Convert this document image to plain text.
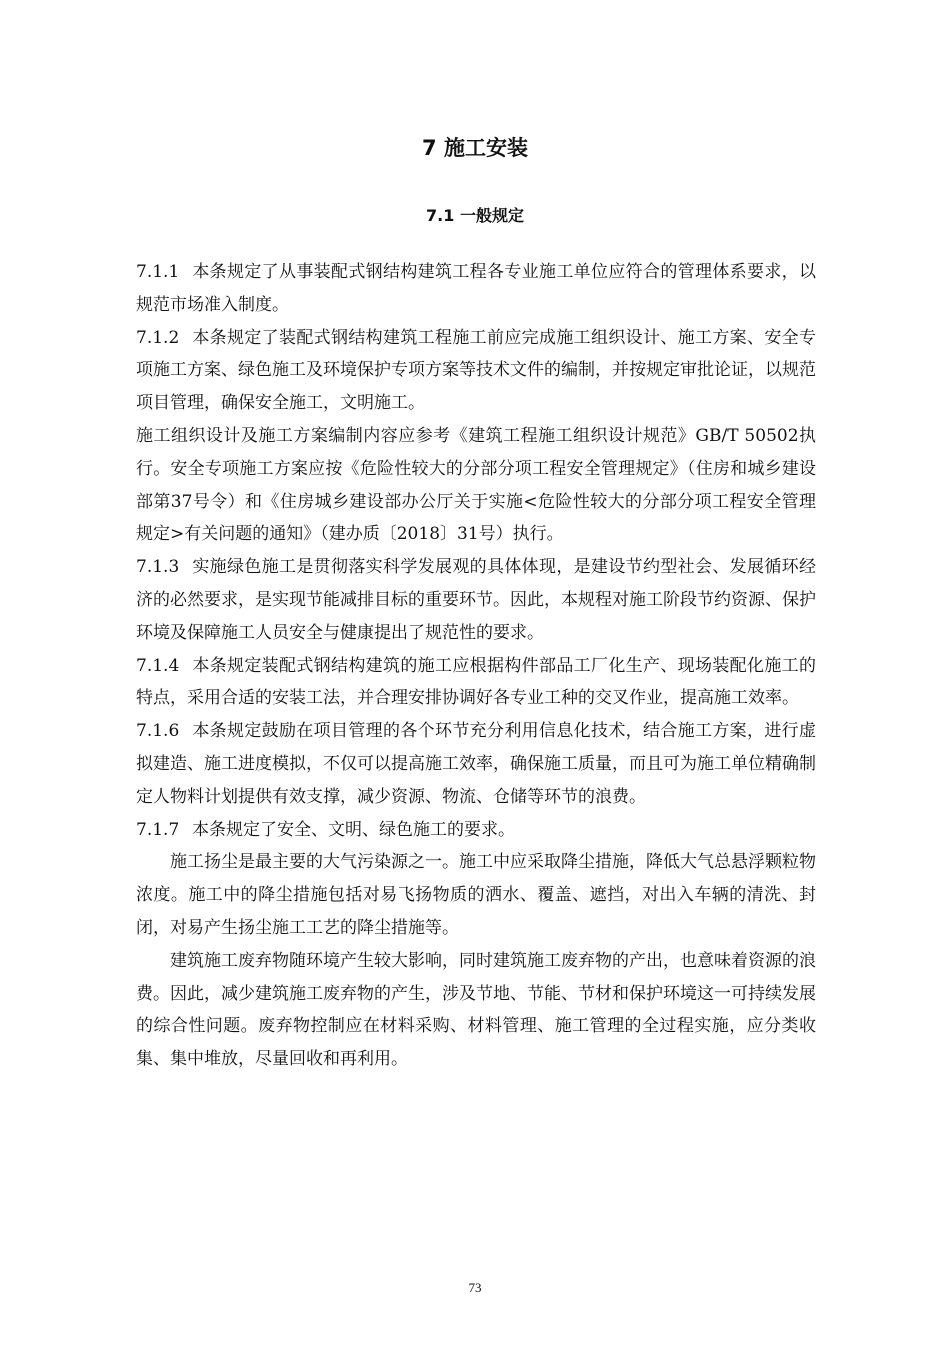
7 施工安装
7.1 一般规定

7.1.1 本条规定了从事装配式钢结构建筑工程各专业施工单位应符合的管理体系要求，以规范市场准入制度。

7.1.2 本条规定了装配式钢结构建筑工程施工前应完成施工组织设计、施工方案、安全专项施工方案、绿色施工及环境保护专项方案等技术文件的编制，并按规定审批论证，以规范项目管理，确保安全施工，文明施工。

施工组织设计及施工方案编制内容应参考《建筑工程施工组织设计规范》GB/T 50502执行。安全专项施工方案应按《危险性较大的分部分项工程安全管理规定》（住房和城乡建设部第37号令）和《住房城乡建设部办公厅关于实施<危险性较大的分部分项工程安全管理规定>有关问题的通知》（建办质〔2018〕31号）执行。

7.1.3 实施绿色施工是贯彻落实科学发展观的具体体现，是建设节约型社会、发展循环经济的必然要求，是实现节能减排目标的重要环节。因此，本规程对施工阶段节约资源、保护环境及保障施工人员安全与健康提出了规范性的要求。

7.1.4 本条规定装配式钢结构建筑的施工应根据构件部品工厂化生产、现场装配化施工的特点，采用合适的安装工法，并合理安排协调好各专业工种的交叉作业，提高施工效率。

7.1.6 本条规定鼓励在项目管理的各个环节充分利用信息化技术，结合施工方案，进行虚拟建造、施工进度模拟，不仅可以提高施工效率，确保施工质量，而且可为施工单位精确制定人物料计划提供有效支撑，减少资源、物流、仓储等环节的浪费。

7.1.7 本条规定了安全、文明、绿色施工的要求。

施工扬尘是最主要的大气污染源之一。施工中应采取降尘措施，降低大气总悬浮颗粒物浓度。施工中的降尘措施包括对易飞扬物质的洒水、覆盖、遮挡，对出入车辆的清洗、封闭，对易产生扬尘施工工艺的降尘措施等。

建筑施工废弃物随环境产生较大影响，同时建筑施工废弃物的产出，也意味着资源的浪费。因此，减少建筑施工废弃物的产生，涉及节地、节能、节材和保护环境这一可持续发展的综合性问题。废弃物控制应在材料采购、材料管理、施工管理的全过程实施，应分类收集、集中堆放，尽量回收和再利用。

73
